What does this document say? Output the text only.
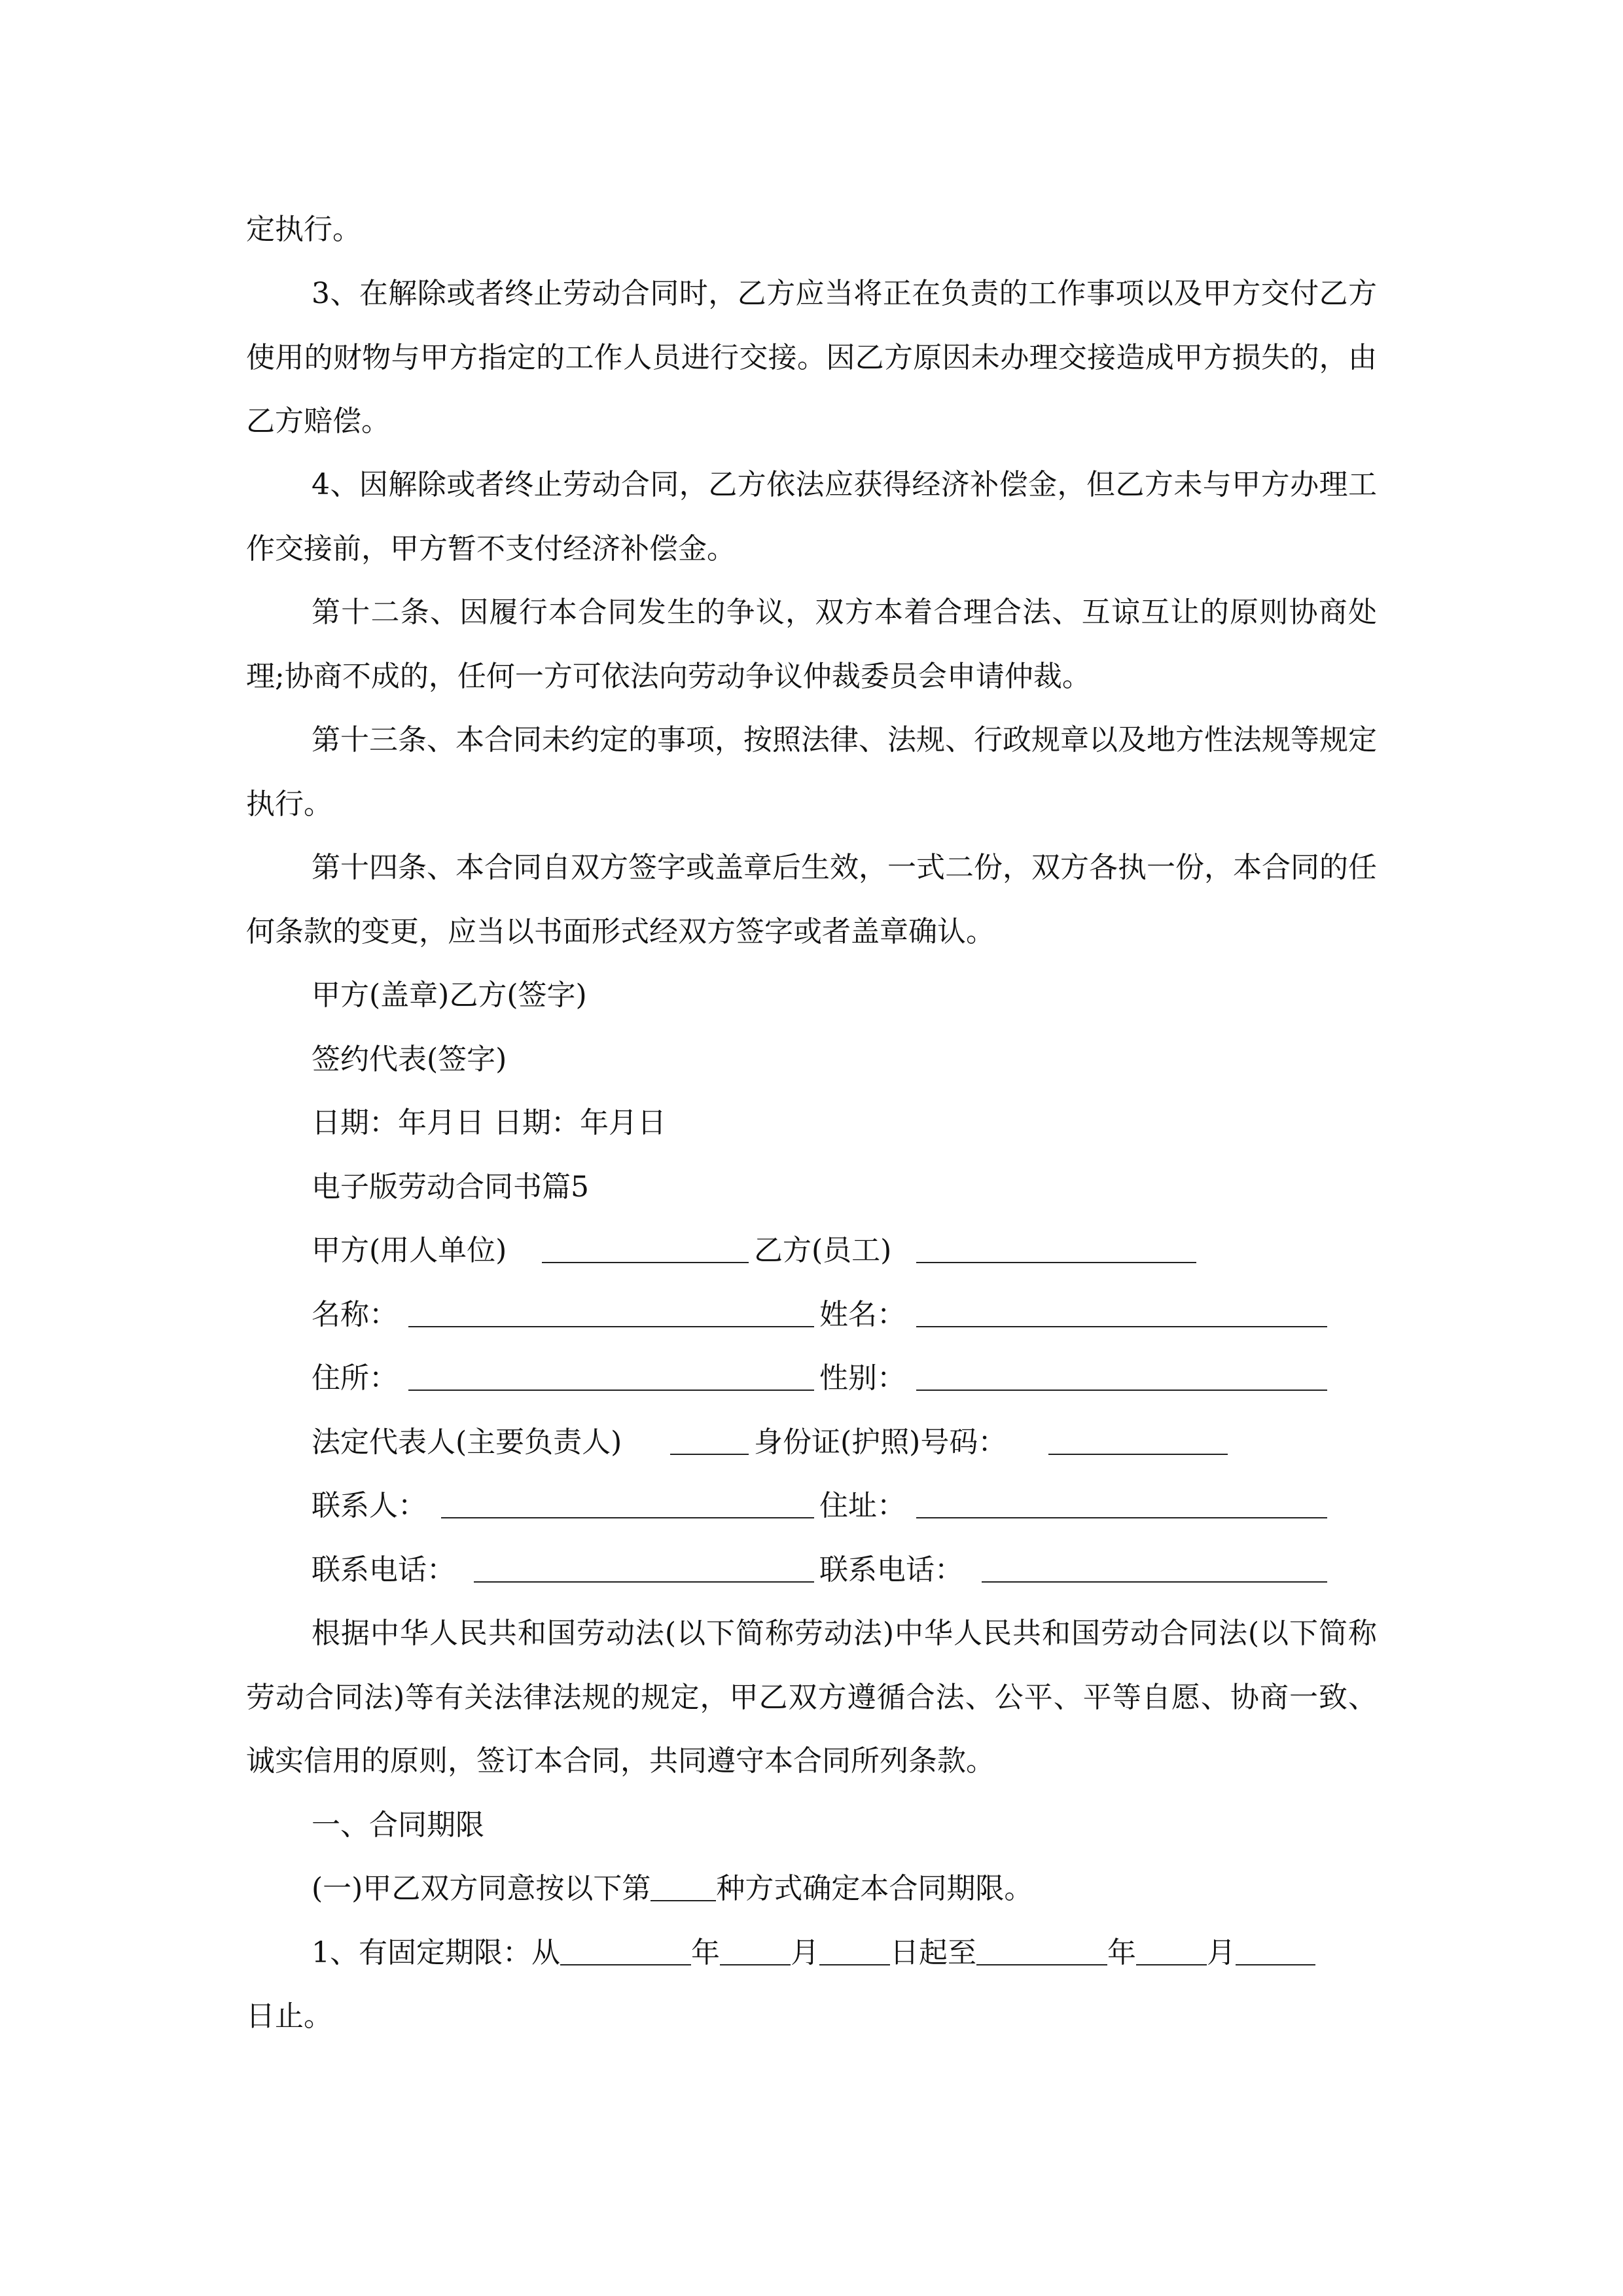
定执行。

3、在解除或者终止劳动合同时，乙方应当将正在负责的工作事项以及甲方交付乙方使用的财物与甲方指定的工作人员进行交接。因乙方原因未办理交接造成甲方损失的，由乙方赔偿。

4、因解除或者终止劳动合同，乙方依法应获得经济补偿金，但乙方未与甲方办理工作交接前，甲方暂不支付经济补偿金。

第十二条、因履行本合同发生的争议，双方本着合理合法、互谅互让的原则协商处理;协商不成的，任何一方可依法向劳动争议仲裁委员会申请仲裁。

第十三条、本合同未约定的事项，按照法律、法规、行政规章以及地方性法规等规定执行。

第十四条、本合同自双方签字或盖章后生效，一式二份，双方各执一份，本合同的任何条款的变更，应当以书面形式经双方签字或者盖章确认。

甲方(盖章)乙方(签字)

签约代表(签字)

日期：年月日 日期：年月日

电子版劳动合同书篇5

甲方(用人单位)	乙方(员工)
名称：	姓名：
住所：	性别：
法定代表人(主要负责人)	身份证(护照)号码：
联系人：	住址：
联系电话：	联系电话：

根据中华人民共和国劳动法(以下简称劳动法)中华人民共和国劳动合同法(以下简称劳动合同法)等有关法律法规的规定，甲乙双方遵循合法、公平、平等自愿、协商一致、诚实信用的原则，签订本合同，共同遵守本合同所列条款。

一、合同期限

(一)甲乙双方同意按以下第 种方式确定本合同期限。

1、有固定期限：从	年 月 日起至	年 月

日止。
